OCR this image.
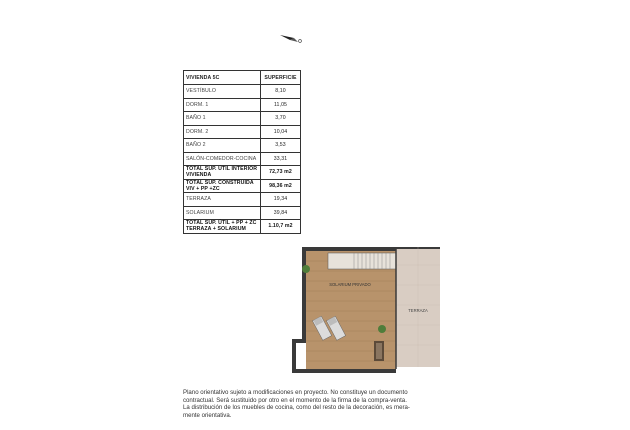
VIVIENDA 5C	SUPERFICIE
VESTÍBULO	8,10
DORM. 1	11,05
BAÑO 1	3,70
DORM. 2	10,04
BAÑO 2	3,53
SALÓN-COMEDOR-COCINA	33,31
TOTAL SUP. ÚTIL INTERIOR VIVIENDA	72,73 m2
TOTAL SUP. CONSTRUIDA VIV + PP +ZC	98,36 m2
TERRAZA	19,34
SOLARIUM	39,84
TOTAL SUP. ÚTIL + PP + ZC TERRAZA + SOLARIUM	1.10,7 m2
SOLARIUM PRIVADO
TERRAZA

Plano orientativo sujeto a modificaciones en proyecto. No constituye un documento

contractual. Será sustituido por otro en el momento de la firma de la compra-venta.

La distribución de los muebles de cocina, como del resto de la decoración, es mera-

mente orientativa.
